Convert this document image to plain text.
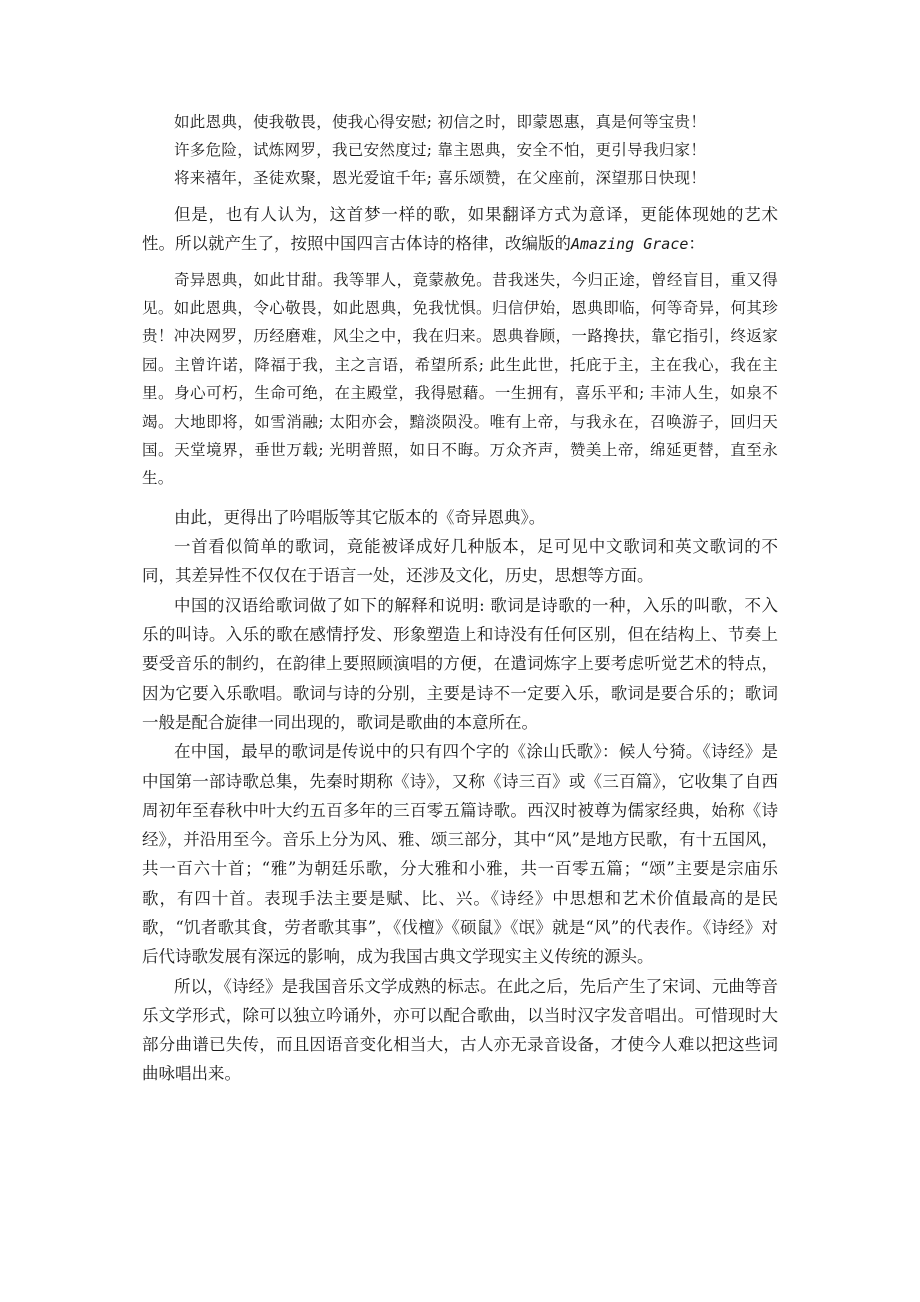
如此恩典，使我敬畏，使我心得安慰; 初信之时，即蒙恩惠，真是何等宝贵！
许多危险，试炼网罗，我已安然度过; 靠主恩典，安全不怕，更引导我归家！
将来禧年，圣徒欢聚，恩光爱谊千年; 喜乐颂赞，在父座前，深望那日快现！

但是，也有人认为，这首梦一样的歌，如果翻译方式为意译，更能体现她的艺术性。所以就产生了，按照中国四言古体诗的格律，改编版的Amazing Grace：

奇异恩典，如此甘甜。我等罪人，竟蒙赦免。昔我迷失，今归正途，曾经盲目，重又得见。如此恩典，令心敬畏，如此恩典，免我忧惧。归信伊始，恩典即临，何等奇异，何其珍贵！冲决网罗，历经磨难，风尘之中，我在归来。恩典眷顾，一路搀扶，靠它指引，终返家园。主曾许诺，降福于我，主之言语，希望所系; 此生此世，托庇于主，主在我心，我在主里。身心可朽，生命可绝，在主殿堂，我得慰藉。一生拥有，喜乐平和; 丰沛人生，如泉不竭。大地即将，如雪消融; 太阳亦会，黯淡陨没。唯有上帝，与我永在，召唤游子，回归天国。天堂境界，垂世万载; 光明普照，如日不晦。万众齐声，赞美上帝，绵延更替，直至永生。

由此，更得出了吟唱版等其它版本的《奇异恩典》。

一首看似简单的歌词，竟能被译成好几种版本，足可见中文歌词和英文歌词的不同，其差异性不仅仅在于语言一处，还涉及文化，历史，思想等方面。

中国的汉语给歌词做了如下的解释和说明: 歌词是诗歌的一种，入乐的叫歌，不入乐的叫诗。入乐的歌在感情抒发、形象塑造上和诗没有任何区别，但在结构上、节奏上要受音乐的制约，在韵律上要照顾演唱的方便，在遣词炼字上要考虑听觉艺术的特点，因为它要入乐歌唱。歌词与诗的分别，主要是诗不一定要入乐，歌词是要合乐的；歌词一般是配合旋律一同出现的，歌词是歌曲的本意所在。

在中国，最早的歌词是传说中的只有四个字的《涂山氏歌》：候人兮猗。《诗经》是中国第一部诗歌总集，先秦时期称《诗》，又称《诗三百》或《三百篇》，它收集了自西周初年至春秋中叶大约五百多年的三百零五篇诗歌。西汉时被尊为儒家经典，始称《诗经》，并沿用至今。音乐上分为风、雅、颂三部分，其中“风”是地方民歌，有十五国风，共一百六十首；“雅”为朝廷乐歌，分大雅和小雅，共一百零五篇；“颂”主要是宗庙乐歌，有四十首。表现手法主要是赋、比、兴。《诗经》中思想和艺术价值最高的是民歌，“饥者歌其食，劳者歌其事”，《伐檀》《硕鼠》《氓》就是“风”的代表作。《诗经》对后代诗歌发展有深远的影响，成为我国古典文学现实主义传统的源头。

所以，《诗经》是我国音乐文学成熟的标志。在此之后，先后产生了宋词、元曲等音乐文学形式，除可以独立吟诵外，亦可以配合歌曲，以当时汉字发音唱出。可惜现时大部分曲谱已失传，而且因语音变化相当大，古人亦无录音设备，才使今人难以把这些词曲咏唱出来。
